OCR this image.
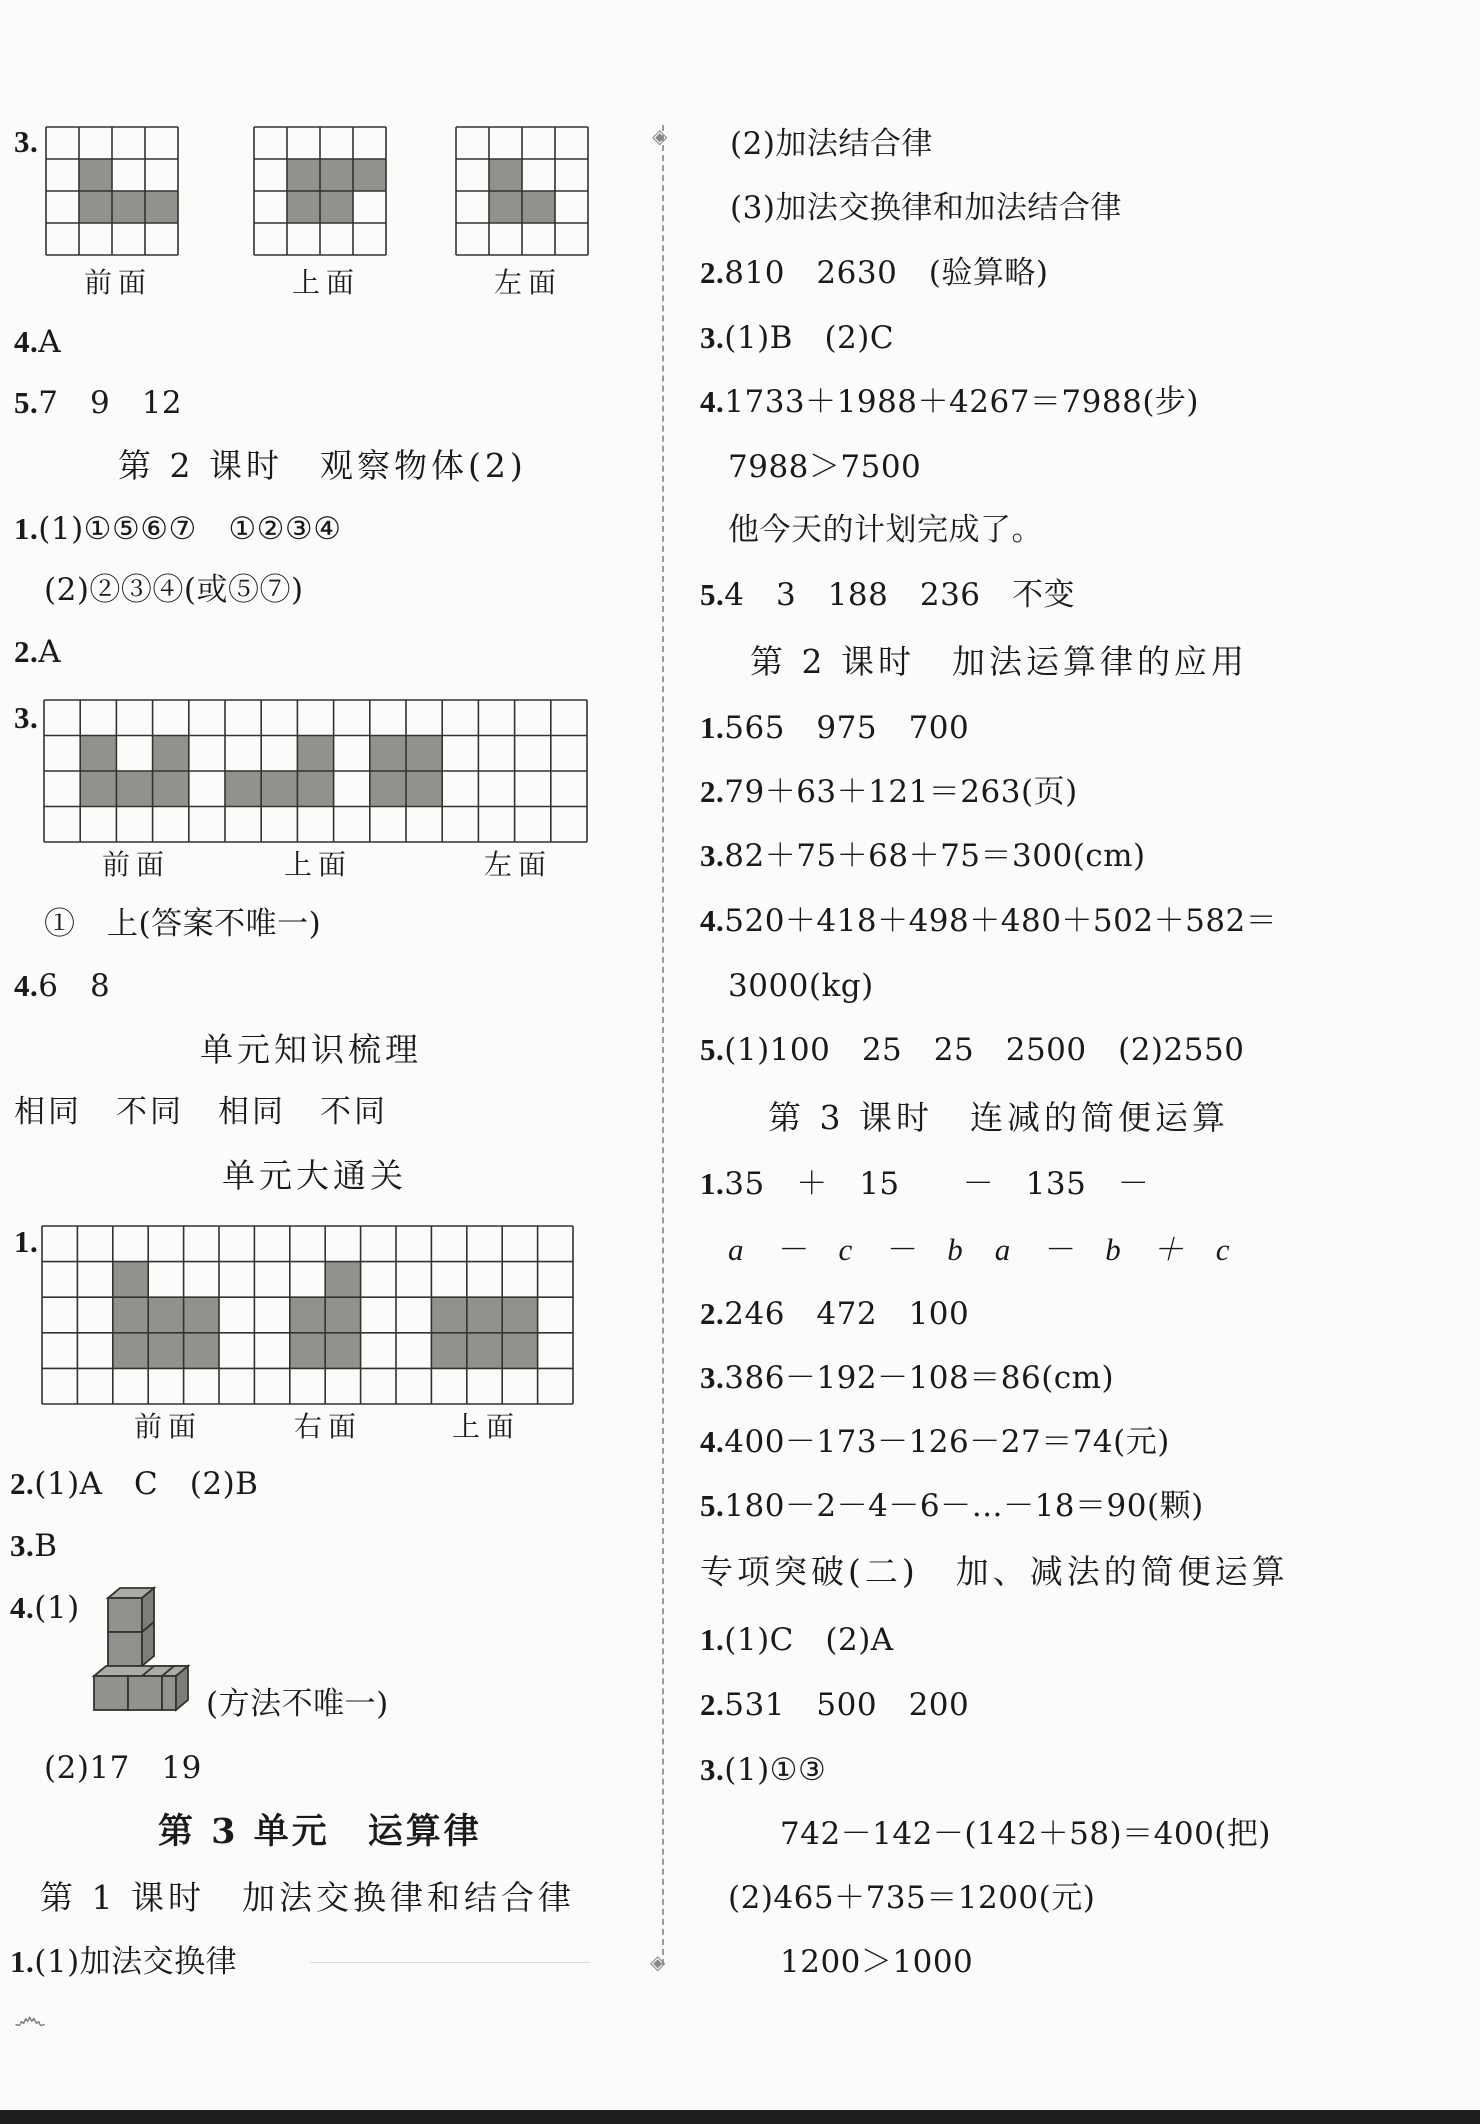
3.
前面	上面	左面
4.A
5.7　9　12
第 2 课时　观察物体(2)
1.(1)①⑤⑥⑦　①②③④
(2)②③④(或⑤⑦)
2.A
3.
前面	上面	左面
①　上(答案不唯一)
4.6　8
单元知识梳理
相同　不同　相同　不同
单元大通关
1.
前面	右面	上面
2.(1)A　C　(2)B
3.B
4.(1)
(方法不唯一)
(2)17　19
第 3 单元　运算律
第 1 课时　加法交换律和结合律
1.(1)加法交换律
◈
◈
(2)加法结合律
(3)加法交换律和加法结合律
2.810　2630　(验算略)
3.(1)B　(2)C
4.1733＋1988＋4267＝7988(步)
7988＞7500
他今天的计划完成了。
5.4　3　188　236　不变
第 2 课时　加法运算律的应用
1.565　975　700
2.79＋63＋121＝263(页)
3.82＋75＋68＋75＝300(cm)
4.520＋418＋498＋480＋502＋582＝
3000(kg)
5.(1)100　25　25　2500　(2)2550
第 3 课时　连减的简便运算
1.35　＋　15　　－　135　－
a　－　c　－　b　a　－　b　＋　c
2.246　472　100
3.386－192－108＝86(cm)
4.400－173－126－27＝74(元)
5.180－2－4－6－…－18＝90(颗)
专项突破(二)　加、减法的简便运算
1.(1)C　(2)A
2.531　500　200
3.(1)①③
742－142－(142＋58)＝400(把)
(2)465＋735＝1200(元)
1200＞1000
෴
